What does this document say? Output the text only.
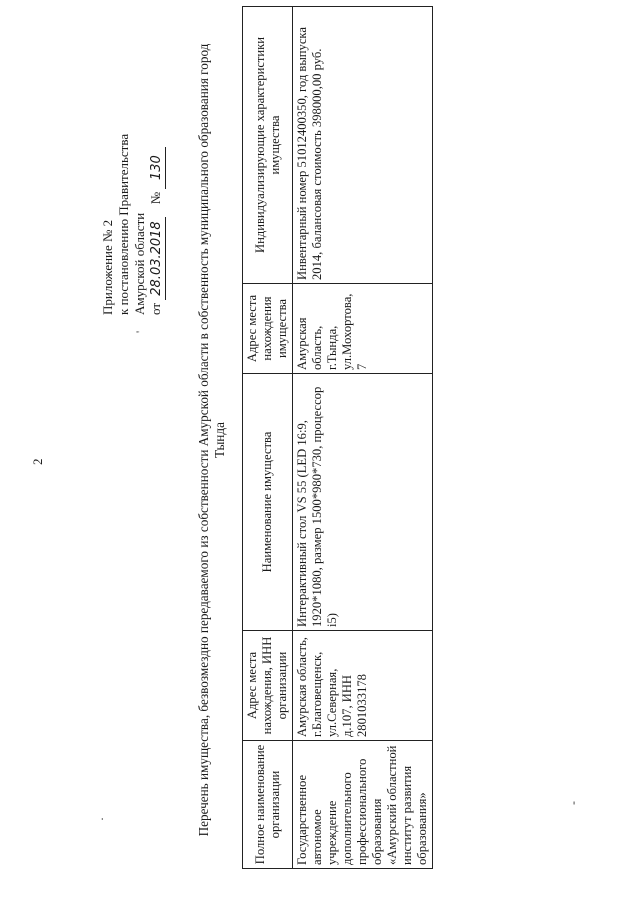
2
Приложение № 2 к постановлению Правительства Амурской области от 28.03.2018    № 130
'
-
·	Перечень имущества, безвозмездно передаваемого из собственности Амурской области в собственность муниципального образования город Тында
Полное наименование организации	Адрес места нахождения, ИНН организации	Наименование имущества	Адрес места нахождения имущества	Индивидуализирующие характеристики имущества
Государственное автономое учреждение дополнительного профессионального образования «Амурский областной институт развития образования»	Амурская область, г.Благовещенск, ул.Северная, д.107, ИНН 2801033178	Интерактивный стол VS 55 (LED 16:9, 1920*1080, размер 1500*980*730, процессор i5)	Амурская область, г.Тында, ул.Мохортова, 7	Инвентарный номер 51012400350, год выпуска 2014, балансовая стоимость 398000,00 руб.
